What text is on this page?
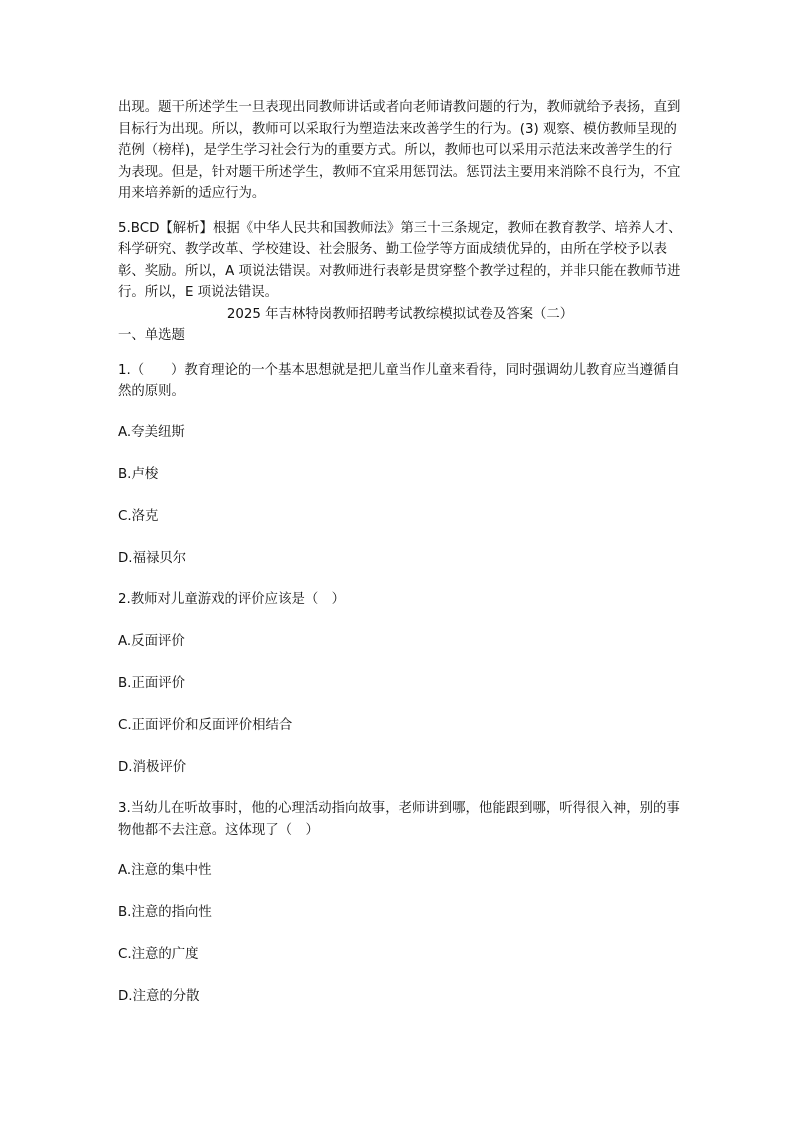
出现。题干所述学生一旦表现出同教师讲话或者向老师请教问题的行为，教师就给予表扬，直到目标行为出现。所以，教师可以采取行为塑造法来改善学生的行为。(3) 观察、模仿教师呈现的范例（榜样)，是学生学习社会行为的重要方式。所以，教师也可以采用示范法来改善学生的行为表现。但是，针对题干所述学生，教师不宜采用惩罚法。惩罚法主要用来消除不良行为，不宜用来培养新的适应行为。

5.BCD【解析】根据《中华人民共和国教师法》第三十三条规定，教师在教育教学、培养人才、科学研究、教学改革、学校建设、社会服务、勤工俭学等方面成绩优异的，由所在学校予以表彰、奖励。所以，A 项说法错误。对教师进行表彰是贯穿整个教学过程的，并非只能在教师节进行。所以，E 项说法错误。

2025 年吉林特岗教师招聘考试教综模拟试卷及答案（二）

一、单选题

1.（　　）教育理论的一个基本思想就是把儿童当作儿童来看待，同时强调幼儿教育应当遵循自然的原则。

A.夸美纽斯

B.卢梭

C.洛克

D.福禄贝尔

2.教师对儿童游戏的评价应该是（　）

A.反面评价

B.正面评价

C.正面评价和反面评价相结合

D.消极评价

3.当幼儿在听故事时，他的心理活动指向故事，老师讲到哪，他能跟到哪，听得很入神，别的事物他都不去注意。这体现了（　）

A.注意的集中性

B.注意的指向性

C.注意的广度

D.注意的分散
